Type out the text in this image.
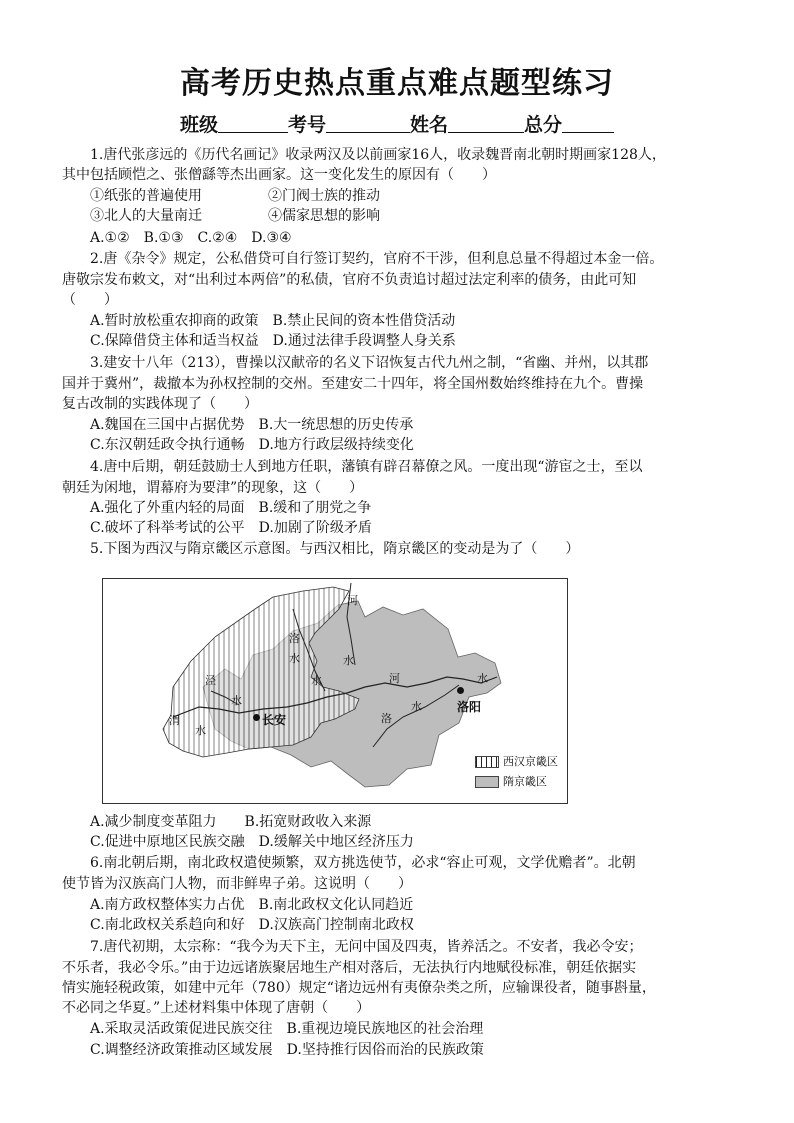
高考历史热点重点难点题型练习
班级	考号	姓名	总分
1.唐代张彦远的《历代名画记》收录两汉及以前画家16人，收录魏晋南北朝时期画家128人，
其中包括顾恺之、张僧繇等杰出画家。这一变化发生的原因有（　　）
①纸张的普遍使用	②门阀士族的推动
③北人的大量南迁	④儒家思想的影响
A.①②　B.①③　C.②④　D.③④
2.唐《杂令》规定，公私借贷可自行签订契约，官府不干涉，但利息总量不得超过本金一倍。
唐敬宗发布敕文，对“出利过本两倍”的私债，官府不负责追讨超过法定利率的债务，由此可知
（　　）
A.暂时放松重农抑商的政策　B.禁止民间的资本性借贷活动
C.保障借贷主体和适当权益　D.通过法律手段调整人身关系
3.建安十八年（213），曹操以汉献帝的名义下诏恢复古代九州之制，“省幽、并州，以其郡
国并于冀州”，裁撤本为孙权控制的交州。至建安二十四年，将全国州数始终维持在九个。曹操
复古改制的实践体现了（　　）
A.魏国在三国中占据优势　B.大一统思想的历史传承
C.东汉朝廷政令执行通畅　D.地方行政层级持续变化
4.唐中后期，朝廷鼓励士人到地方任职，藩镇有辟召幕僚之风。一度出现“游宦之士，至以
朝廷为闲地，谓幕府为要津”的现象，这（　　）
A.强化了外重内轻的局面　B.缓和了朋党之争
C.破坏了科举考试的公平　D.加剧了阶级矛盾
5.下图为西汉与隋京畿区示意图。与西汉相比，隋京畿区的变动是为了（　　）
河
洛
水	水
泾
水
渭
水
河
水	水
洛
水
长安
洛阳
西汉京畿区
隋京畿区
A.减少制度变革阻力　　B.拓宽财政收入来源
C.促进中原地区民族交融　D.缓解关中地区经济压力
6.南北朝后期，南北政权遣使频繁，双方挑选使节，必求“容止可观，文学优赡者”。北朝
使节皆为汉族高门人物，而非鲜卑子弟。这说明（　　）
A.南方政权整体实力占优　B.南北政权文化认同趋近
C.南北政权关系趋向和好　D.汉族高门控制南北政权
7.唐代初期，太宗称：“我今为天下主，无问中国及四夷，皆养活之。不安者，我必令安；
不乐者，我必令乐。”由于边远诸族聚居地生产相对落后，无法执行内地赋役标准，朝廷依据实
情实施轻税政策，如建中元年（780）规定“诸边远州有夷僚杂类之所，应输课役者，随事斟量，
不必同之华夏。”上述材料集中体现了唐朝（　　）
A.采取灵活政策促进民族交往　B.重视边境民族地区的社会治理
C.调整经济政策推动区域发展　D.坚持推行因俗而治的民族政策
